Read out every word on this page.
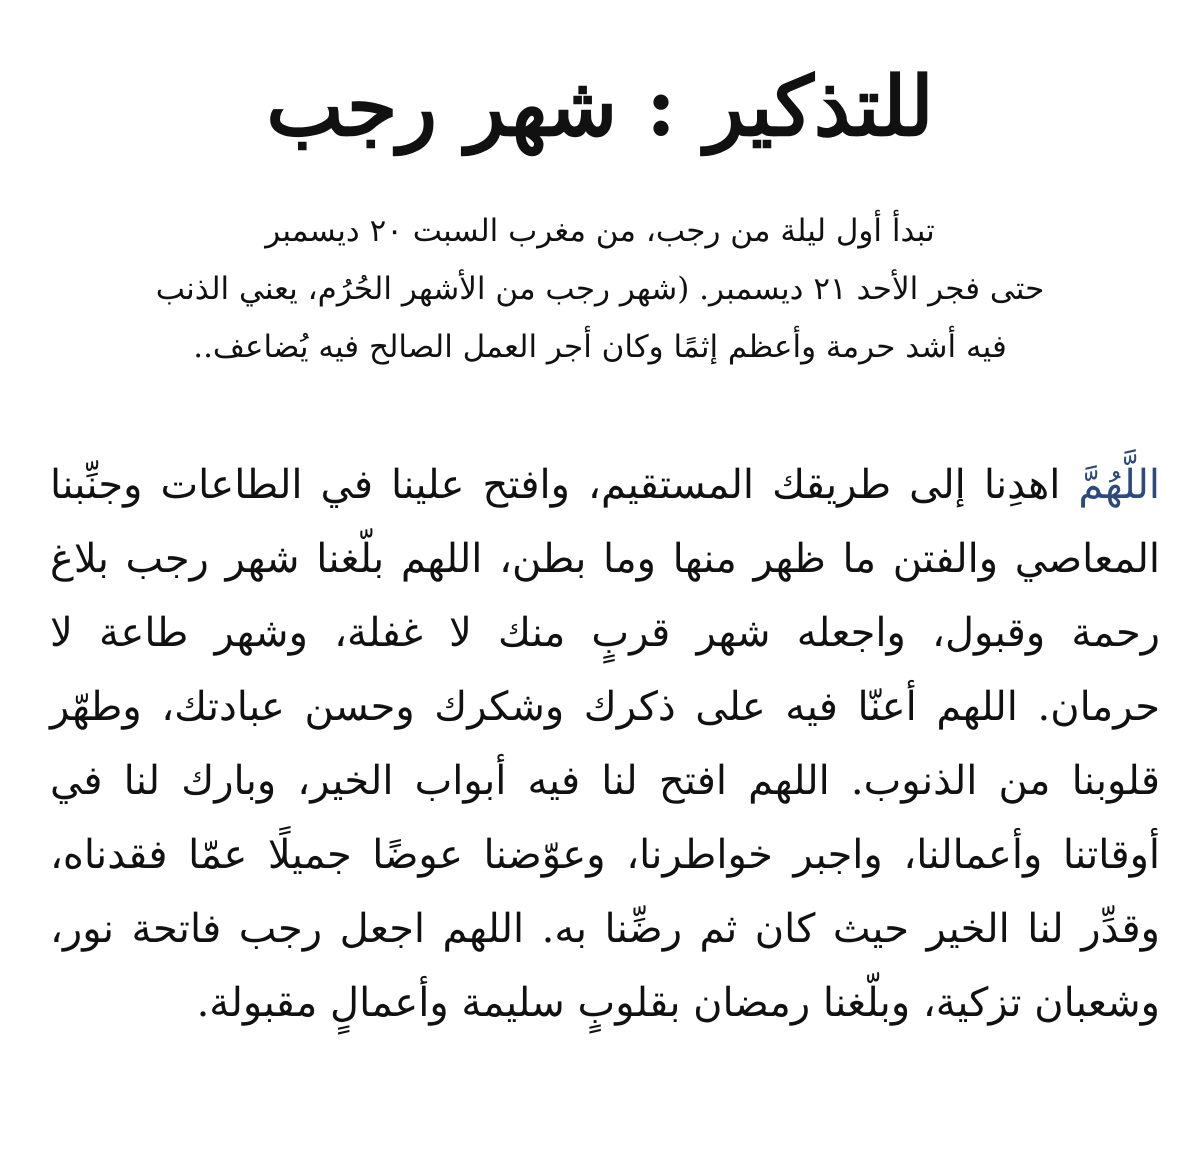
للتذكير : شهر رجب
تبدأ أول ليلة من رجب، من مغرب السبت ٢٠ ديسمبر
حتى فجر الأحد ٢١ ديسمبر. (شهر رجب من الأشهر الحُرُم، يعني الذنب
فيه أشد حرمة وأعظم إثمًا وكان أجر العمل الصالح فيه يُضاعف..
اللَّهُمَّ اهدِنا إلى طريقك المستقيم، وافتح علينا في الطاعات وجنِّبنا
المعاصي والفتن ما ظهر منها وما بطن، اللهم بلّغنا شهر رجب بلاغ
رحمة وقبول، واجعله شهر قربٍ منك لا غفلة، وشهر طاعة لا
حرمان. اللهم أعنّا فيه على ذكرك وشكرك وحسن عبادتك، وطهّر
قلوبنا من الذنوب. اللهم افتح لنا فيه أبواب الخير، وبارك لنا في
أوقاتنا وأعمالنا، واجبر خواطرنا، وعوّضنا عوضًا جميلًا عمّا فقدناه،
وقدِّر لنا الخير حيث كان ثم رضِّنا به. اللهم اجعل رجب فاتحة نور،
وشعبان تزكية، وبلّغنا رمضان بقلوبٍ سليمة وأعمالٍ مقبولة.
